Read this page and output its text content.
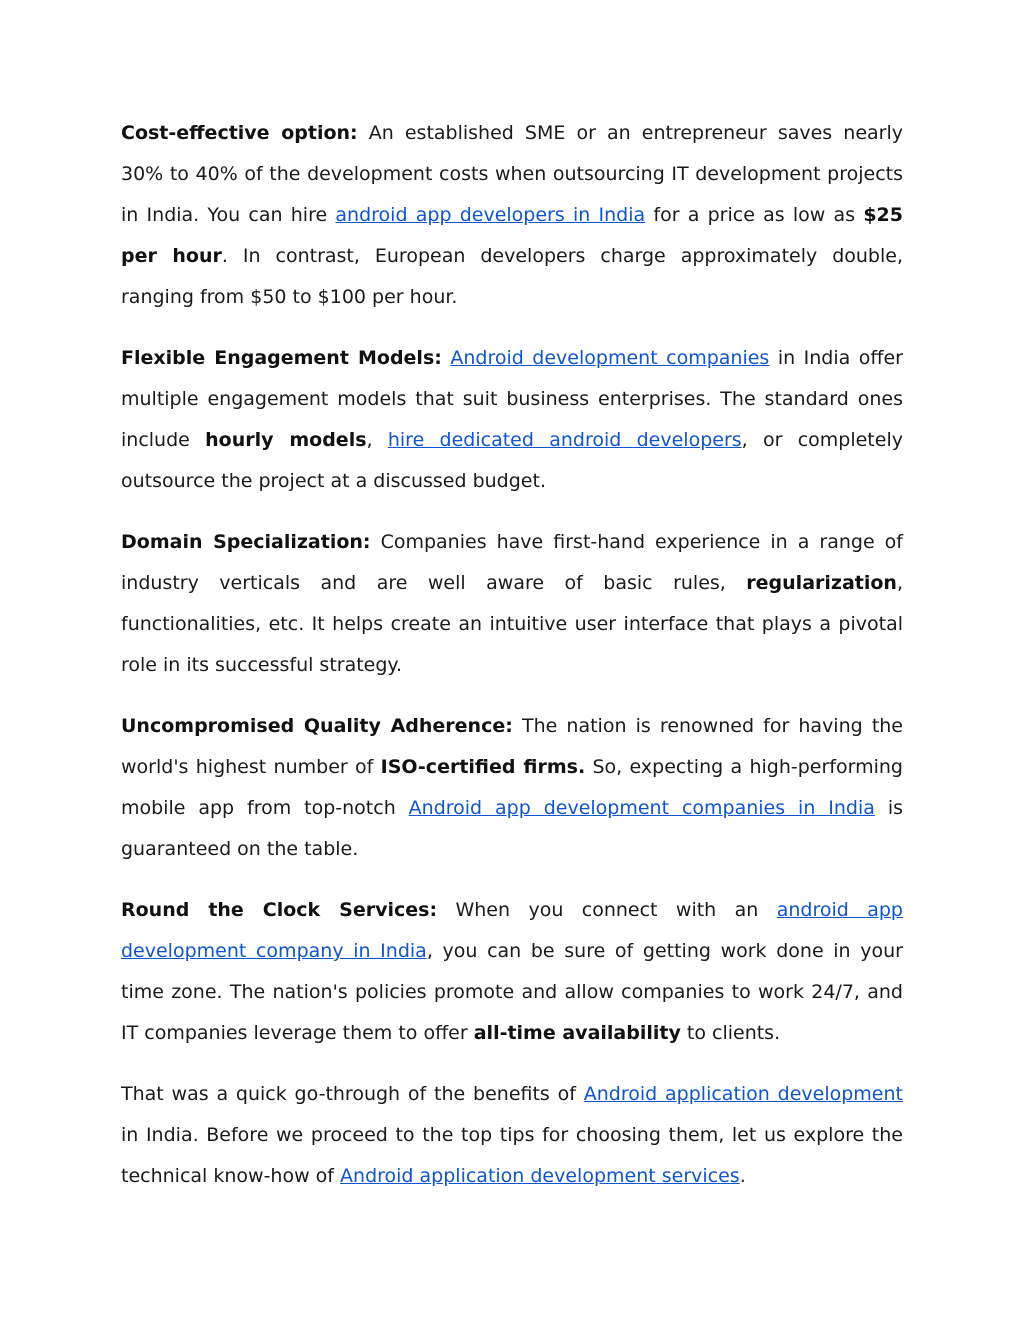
Cost-effective option: An established SME or an entrepreneur saves nearly 30% to 40% of the development costs when outsourcing IT development projects in India. You can hire android app developers in India for a price as low as $25 per hour. In contrast, European developers charge approximately double, ranging from $50 to $100 per hour.

Flexible Engagement Models: Android development companies in India offer multiple engagement models that suit business enterprises. The standard ones include hourly models, hire dedicated android developers, or completely outsource the project at a discussed budget.

Domain Specialization: Companies have first-hand experience in a range of industry verticals and are well aware of basic rules, regularization, functionalities, etc. It helps create an intuitive user interface that plays a pivotal role in its successful strategy.

Uncompromised Quality Adherence: The nation is renowned for having the world's highest number of ISO-certified firms. So, expecting a high-performing mobile app from top-notch Android app development companies in India is guaranteed on the table.

Round the Clock Services: When you connect with an android app development company in India, you can be sure of getting work done in your time zone. The nation's policies promote and allow companies to work 24/7, and IT companies leverage them to offer all-time availability to clients.

That was a quick go-through of the benefits of Android application development in India. Before we proceed to the top tips for choosing them, let us explore the technical know-how of Android application development services.
